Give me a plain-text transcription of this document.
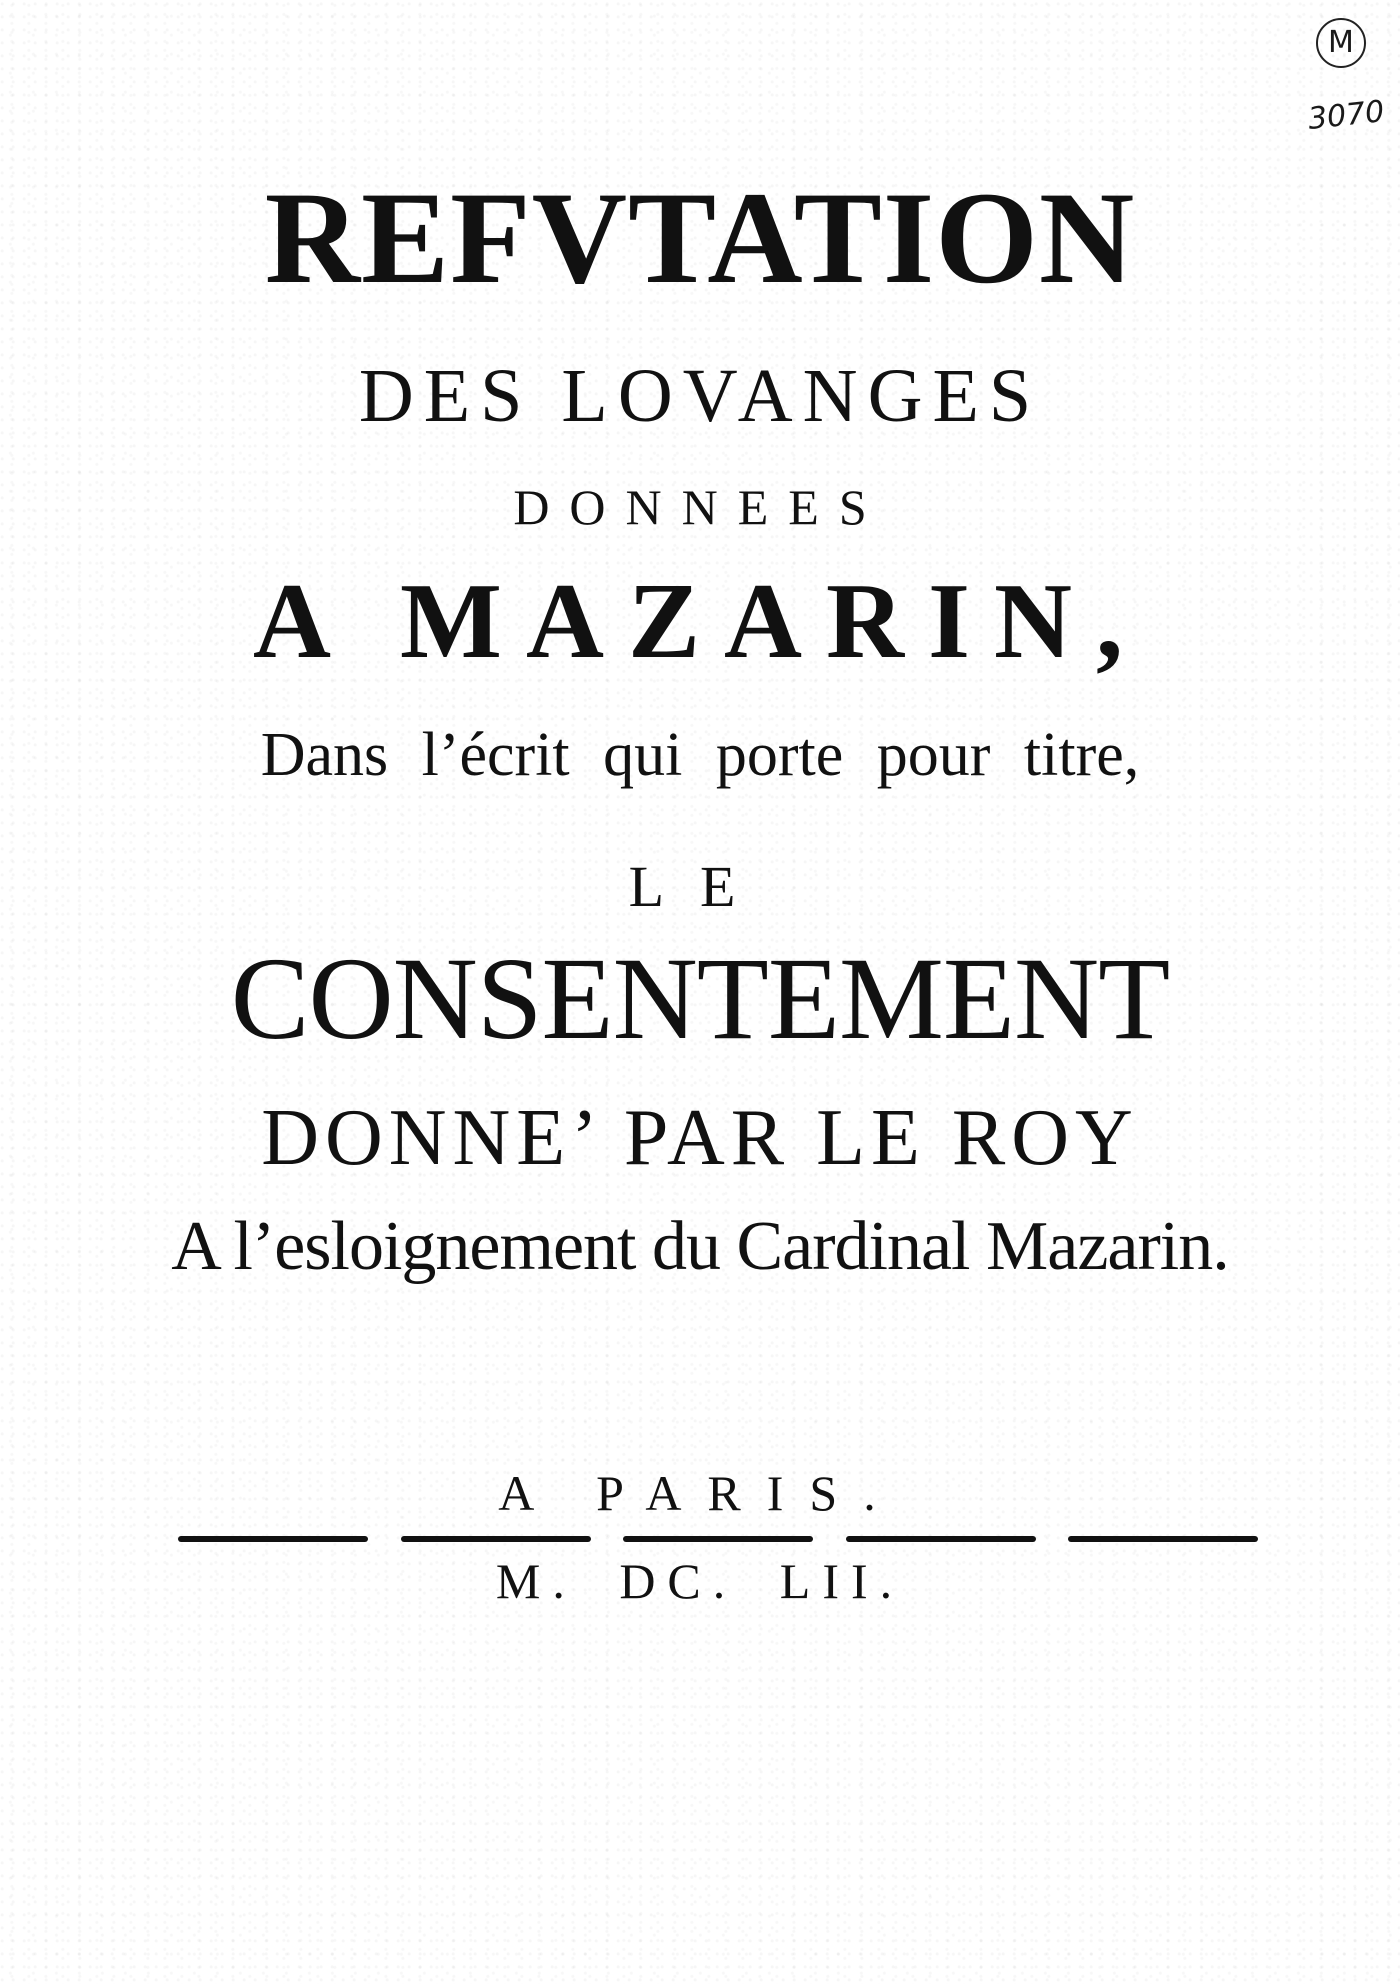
M
3070
REFVTATION
DES LOVANGES
DONNEES
A MAZARIN,
Dans l’écrit qui porte pour titre,
LE
CONSENTEMENT
DONNE’ PAR LE ROY
A l’esloignement du Cardinal Mazarin.
A PARIS.
M. DC. LII.
